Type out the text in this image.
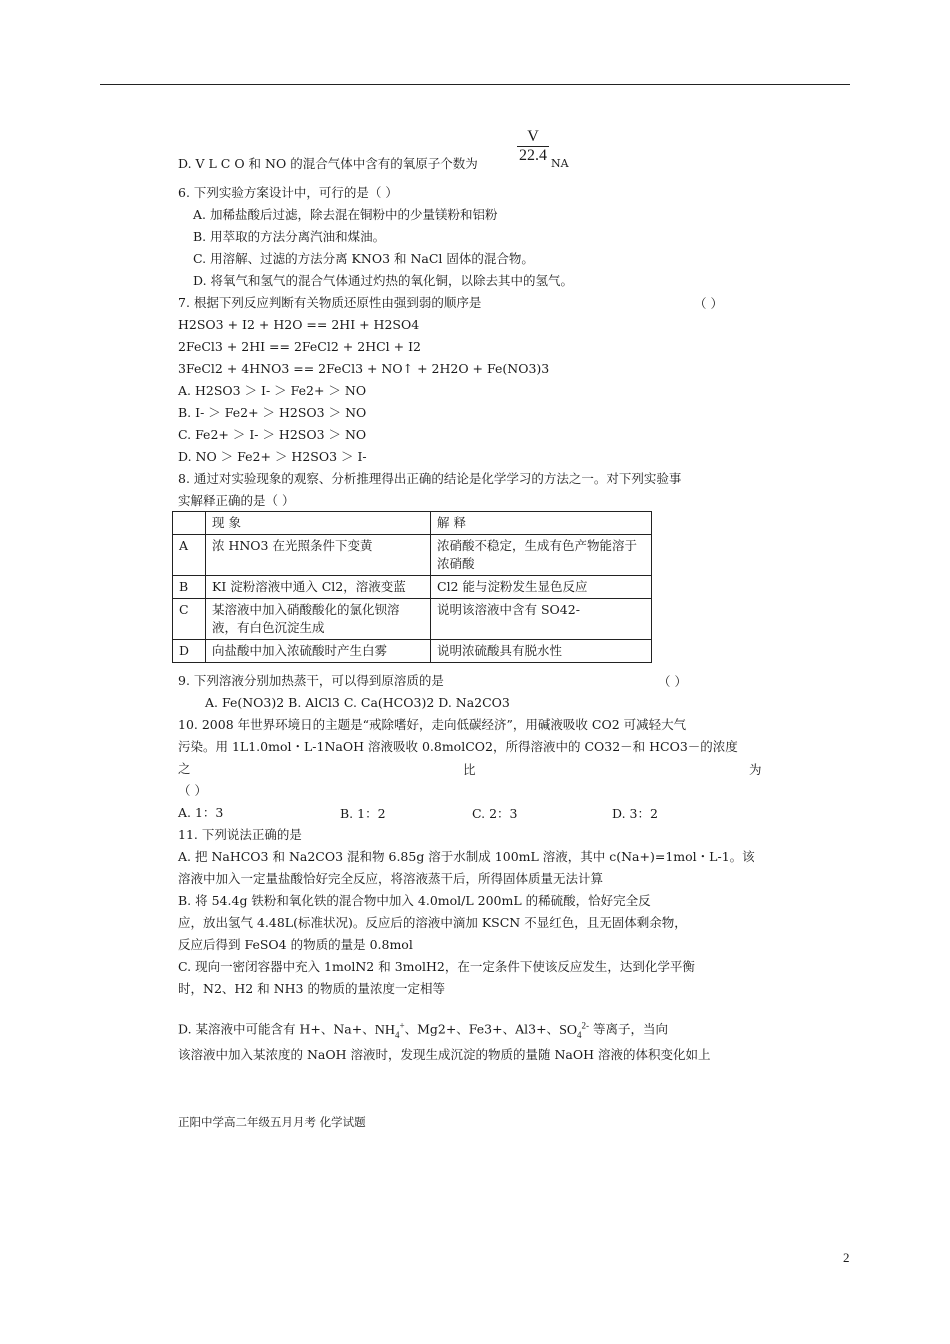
$\frac{V}{22.4}$ NA
D. V L C O 和 NO 的混合气体中含有的氧原子个数为
6. 下列实验方案设计中，可行的是（ ）
A. 加稀盐酸后过滤，除去混在铜粉中的少量镁粉和铝粉
B. 用萃取的方法分离汽油和煤油。
C. 用溶解、过滤的方法分离 KNO3 和 NaCl 固体的混合物。
D. 将氧气和氢气的混合气体通过灼热的氧化铜，以除去其中的氢气。
7. 根据下列反应判断有关物质还原性由强到弱的顺序是	（ ）
H2SO3 + I2 + H2O == 2HI + H2SO4
2FeCl3 + 2HI == 2FeCl2 + 2HCl + I2
3FeCl2 + 4HNO3 == 2FeCl3 + NO↑ + 2H2O + Fe(NO3)3
A. H2SO3 ＞ I- ＞ Fe2+ ＞ NO
B. I- ＞ Fe2+ ＞ H2SO3 ＞ NO
C. Fe2+ ＞ I- ＞ H2SO3 ＞ NO
D. NO ＞ Fe2+ ＞ H2SO3 ＞ I-
8. 通过对实验现象的观察、分析推理得出正确的结论是化学学习的方法之一。对下列实验事
实解释正确的是（ ）
	现 象	解 释
A	浓 HNO3 在光照条件下变黄	浓硝酸不稳定，生成有色产物能溶于浓硝酸
B	KI 淀粉溶液中通入 Cl2，溶液变蓝	Cl2 能与淀粉发生显色反应
C	某溶液中加入硝酸酸化的氯化钡溶液，有白色沉淀生成	说明该溶液中含有 SO42-
D	向盐酸中加入浓硫酸时产生白雾	说明浓硫酸具有脱水性
9. 下列溶液分别加热蒸干，可以得到原溶质的是	（ ）
A. Fe(NO3)2 B. AlCl3 C. Ca(HCO3)2 D. Na2CO3
10. 2008 年世界环境日的主题是“戒除嗜好，走向低碳经济”，用碱液吸收 CO2 可减轻大气
污染。用 1L1.0mol・L-1NaOH 溶液吸收 0.8molCO2，所得溶液中的 CO32－和 HCO3－的浓度
之	比	为
（ ）
A. 1：3	B. 1：2	C. 2：3	D. 3：2
11. 下列说法正确的是
A. 把 NaHCO3 和 Na2CO3 混和物 6.85g 溶于水制成 100mL 溶液，其中 c(Na+)=1mol・L-1。该
溶液中加入一定量盐酸恰好完全反应，将溶液蒸干后，所得固体质量无法计算
B. 将 54.4g 铁粉和氧化铁的混合物中加入 4.0mol/L 200mL 的稀硫酸，恰好完全反
应，放出氢气 4.48L(标准状况)。反应后的溶液中滴加 KSCN 不显红色，且无固体剩余物，
反应后得到 FeSO4 的物质的量是 0.8mol
C. 现向一密闭容器中充入 1molN2 和 3molH2，在一定条件下使该反应发生，达到化学平衡
时，N2、H2 和 NH3 的物质的量浓度一定相等
D. 某溶液中可能含有 H+、Na+、$NH_4^+$、Mg2+、Fe3+、Al3+、$SO_4^{2-}$ 等离子，当向
该溶液中加入某浓度的 NaOH 溶液时，发现生成沉淀的物质的量随 NaOH 溶液的体积变化如上
正阳中学高二年级五月月考 化学试题
2
